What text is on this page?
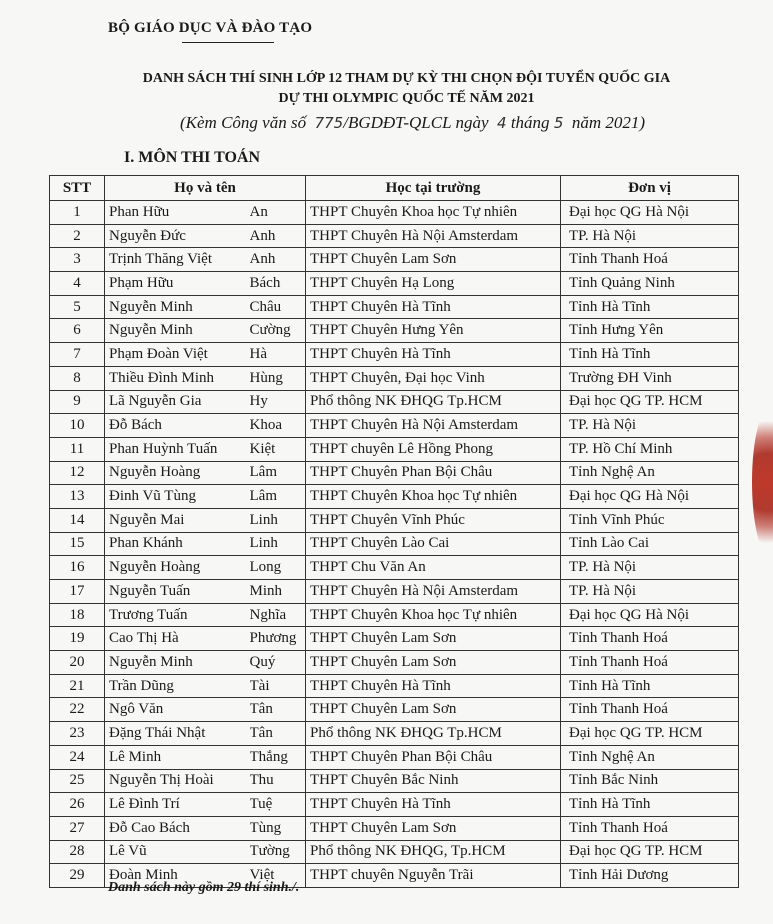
BỘ GIÁO DỤC VÀ ĐÀO TẠO
DANH SÁCH THÍ SINH LỚP 12 THAM DỰ KỲ THI CHỌN ĐỘI TUYỂN QUỐC GIA
DỰ THI OLYMPIC QUỐC TẾ NĂM 2021
(Kèm Công văn số 775/BGDĐT-QLCL ngày 4 tháng 5 năm 2021)
I. MÔN THI TOÁN
STT	Họ và tên		Học tại trường	Đơn vị
1	Phan Hữu	An	THPT Chuyên Khoa học Tự nhiên	Đại học QG Hà Nội
2	Nguyễn Đức	Anh	THPT Chuyên Hà Nội Amsterdam	TP. Hà Nội
3	Trịnh Thăng Việt	Anh	THPT Chuyên Lam Sơn	Tỉnh Thanh Hoá
4	Phạm Hữu	Bách	THPT Chuyên Hạ Long	Tỉnh Quảng Ninh
5	Nguyễn Minh	Châu	THPT Chuyên Hà Tĩnh	Tỉnh Hà Tĩnh
6	Nguyễn Minh	Cường	THPT Chuyên Hưng Yên	Tỉnh Hưng Yên
7	Phạm Đoàn Việt	Hà	THPT Chuyên Hà Tĩnh	Tỉnh Hà Tĩnh
8	Thiều Đình Minh	Hùng	THPT Chuyên, Đại học Vinh	Trường ĐH Vinh
9	Lã Nguyễn Gia	Hy	Phổ thông NK ĐHQG Tp.HCM	Đại học QG TP. HCM
10	Đỗ Bách	Khoa	THPT Chuyên Hà Nội Amsterdam	TP. Hà Nội
11	Phan Huỳnh Tuấn	Kiệt	THPT chuyên Lê Hồng Phong	TP. Hồ Chí Minh
12	Nguyễn Hoàng	Lâm	THPT Chuyên Phan Bội Châu	Tỉnh Nghệ An
13	Đinh Vũ Tùng	Lâm	THPT Chuyên Khoa học Tự nhiên	Đại học QG Hà Nội
14	Nguyễn Mai	Linh	THPT Chuyên Vĩnh Phúc	Tỉnh Vĩnh Phúc
15	Phan Khánh	Linh	THPT Chuyên Lào Cai	Tỉnh Lào Cai
16	Nguyễn Hoàng	Long	THPT Chu Văn An	TP. Hà Nội
17	Nguyễn Tuấn	Minh	THPT Chuyên Hà Nội Amsterdam	TP. Hà Nội
18	Trương Tuấn	Nghĩa	THPT Chuyên Khoa học Tự nhiên	Đại học QG Hà Nội
19	Cao Thị Hà	Phương	THPT Chuyên Lam Sơn	Tỉnh Thanh Hoá
20	Nguyễn Minh	Quý	THPT Chuyên Lam Sơn	Tỉnh Thanh Hoá
21	Trần Dũng	Tài	THPT Chuyên Hà Tĩnh	Tỉnh Hà Tĩnh
22	Ngô Văn	Tân	THPT Chuyên Lam Sơn	Tỉnh Thanh Hoá
23	Đặng Thái Nhật	Tân	Phổ thông NK ĐHQG Tp.HCM	Đại học QG TP. HCM
24	Lê Minh	Thắng	THPT Chuyên Phan Bội Châu	Tỉnh Nghệ An
25	Nguyễn Thị Hoài	Thu	THPT Chuyên Bắc Ninh	Tỉnh Bắc Ninh
26	Lê Đình Trí	Tuệ	THPT Chuyên Hà Tĩnh	Tỉnh Hà Tĩnh
27	Đỗ Cao Bách	Tùng	THPT Chuyên Lam Sơn	Tỉnh Thanh Hoá
28	Lê Vũ	Tường	Phổ thông NK ĐHQG, Tp.HCM	Đại học QG TP. HCM
29	Đoàn Minh	Việt	THPT chuyên Nguyễn Trãi	Tỉnh Hải Dương
Danh sách này gồm 29 thí sinh./.
